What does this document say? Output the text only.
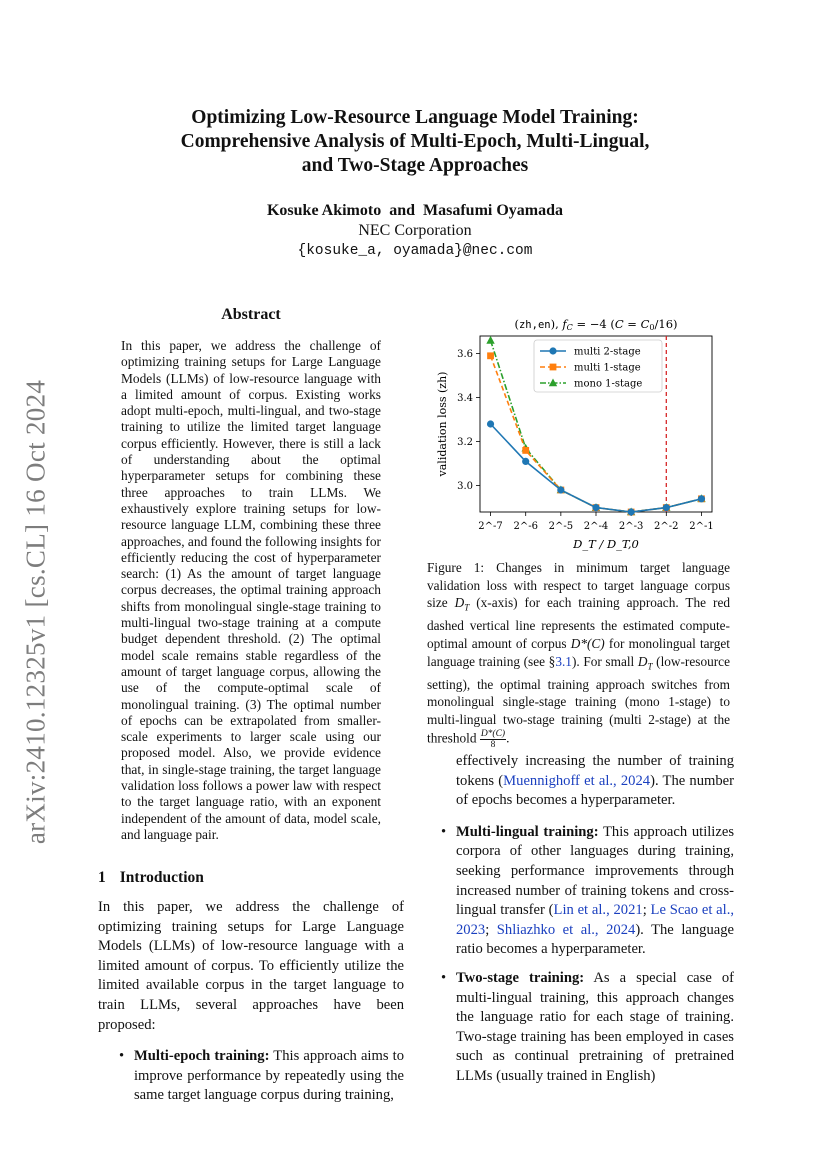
arXiv:2410.12325v1 [cs.CL] 16 Oct 2024
Optimizing Low-Resource Language Model Training:
Comprehensive Analysis of Multi-Epoch, Multi-Lingual,
and Two-Stage Approaches
Kosuke Akimoto  and  Masafumi Oyamada
NEC Corporation
{kosuke_a, oyamada}@nec.com
Abstract
In this paper, we address the challenge of optimizing training setups for Large Language Models (LLMs) of low-resource language with a limited amount of corpus. Existing works adopt multi-epoch, multi-lingual, and two-stage training to utilize the limited target language corpus efficiently. However, there is still a lack of understanding about the optimal hyperparameter setups for combining these three approaches to train LLMs. We exhaustively explore training setups for low-resource language LLM, combining these three approaches, and found the following insights for efficiently reducing the cost of hyperparameter search: (1) As the amount of target language corpus decreases, the optimal training approach shifts from monolingual single-stage training to multi-lingual two-stage training at a compute budget dependent threshold. (2) The optimal model scale remains stable regardless of the amount of target language corpus, allowing the use of the compute-optimal scale of monolingual training. (3) The optimal number of epochs can be extrapolated from smaller-scale experiments to larger scale using our proposed model. Also, we provide evidence that, in single-stage training, the target language validation loss follows a power law with respect to the target language ratio, with an exponent independent of the amount of data, model scale, and language pair.
1 Introduction

In this paper, we address the challenge of optimizing training setups for Large Language Models (LLMs) of low-resource language with a limited amount of corpus. To efficiently utilize the limited available corpus in the target language to train LLMs, several approaches have been proposed:

• Multi-epoch training: This approach aims to improve performance by repeatedly using the same target language corpus during training,
(zh,en), fC = −4 (C = C0/16)
3.0
3.2
3.4
3.6
2^-7 2^-6 2^-5 2^-4 2^-3 2^-2 2^-1
validation loss (zh)
D_T / D_T,0
multi 2-stage
multi 1-stage
mono 1-stage
Figure 1: Changes in minimum target language validation loss with respect to target language corpus size $D_T$ (x-axis) for each training approach. The red dashed vertical line represents the estimated compute-optimal amount of corpus D*(C) for monolingual target language training (see §3.1). For small $D_T$ (low-resource setting), the optimal training approach switches from monolingual single-stage training (mono 1-stage) to multi-lingual two-stage training (multi 2-stage) at the threshold $\frac{D*(C)}{8}$ .

effectively increasing the number of training tokens (Muennighoff et al., 2024). The number of epochs becomes a hyperparameter.

• Multi-lingual training: This approach utilizes corpora of other languages during training, seeking performance improvements through increased number of training tokens and cross-lingual transfer (Lin et al., 2021; Le Scao et al., 2023; Shliazhko et al., 2024). The language ratio becomes a hyperparameter.
• Two-stage training: As a special case of multi-lingual training, this approach changes the language ratio for each stage of training. Two-stage training has been employed in cases such as continual pretraining of pretrained LLMs (usually trained in English)
